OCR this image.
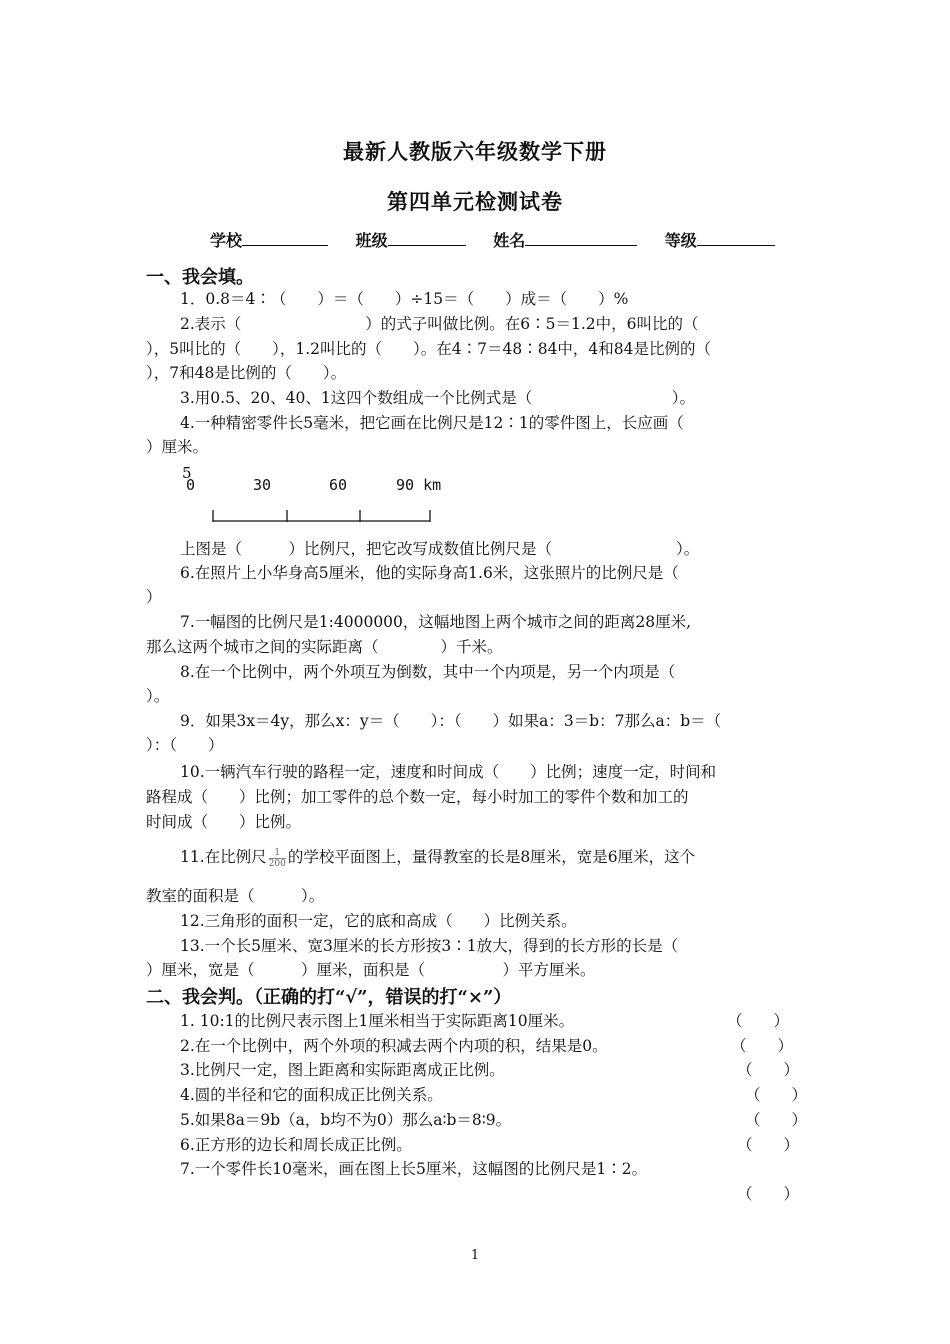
最新人教版六年级数学下册
第四单元检测试卷
学校	班级	姓名	等级
一、我会填。
1．0.8＝4∶（　　）＝（　　）÷15＝（　　）成＝（　　）%
2.表示（　　　　　　　　）的式子叫做比例。在6∶5＝1.2中，6叫比的（
），5叫比的（　　），1.2叫比的（　　）。在4∶7＝48∶84中，4和84是比例的（
），7和48是比例的（　　）。
3.用0.5、20、40、1这四个数组成一个比例式是（　　　　　　　　　）。
4.一种精密零件长5毫米，把它画在比例尺是12∶1的零件图上，长应画（
）厘米。
5
0	30	60	90 km
上图是（　　　）比例尺，把它改写成数值比例尺是（　　　　　　　　）。
6.在照片上小华身高5厘米，他的实际身高1.6米，这张照片的比例尺是（
）
7.一幅图的比例尺是1:4000000，这幅地图上两个城市之间的距离28厘米,
那么这两个城市之间的实际距离（　　　　）千米。
8.在一个比例中，两个外项互为倒数，其中一个内项是，另一个内项是（
）。
9．如果3x＝4y，那么x：y＝（　　）：（　　）如果a：3＝b：7那么a：b＝（
）：（　　）
10.一辆汽车行驶的路程一定，速度和时间成（　　）比例；速度一定，时间和
路程成（　　）比例；加工零件的总个数一定，每小时加工的零件个数和加工的
时间成（　　）比例。
11.在比例尺 $\frac{1}{200}$ 的学校平面图上，量得教室的长是8厘米，宽是6厘米，这个
教室的面积是（　　　）。
12.三角形的面积一定，它的底和高成（　　）比例关系。
13.一个长5厘米、宽3厘米的长方形按3∶1放大，得到的长方形的长是（
）厘米，宽是（　　　）厘米，面积是（　　　　　）平方厘米。
二、我会判。（正确的打“√”，错误的打“×”）
1. 10:1的比例尺表示图上1厘米相当于实际距离10厘米。	（　　）
2.在一个比例中，两个外项的积减去两个内项的积，结果是0。	（　　）
3.比例尺一定，图上距离和实际距离成正比例。	（　　）
4.圆的半径和它的面积成正比例关系。	（　　）
5.如果8a＝9b（a，b均不为0）那么a∶b＝8∶9。	（　　）
6.正方形的边长和周长成正比例。	（　　）
7.一个零件长10毫米，画在图上长5厘米，这幅图的比例尺是1∶2。
（　　）
1
